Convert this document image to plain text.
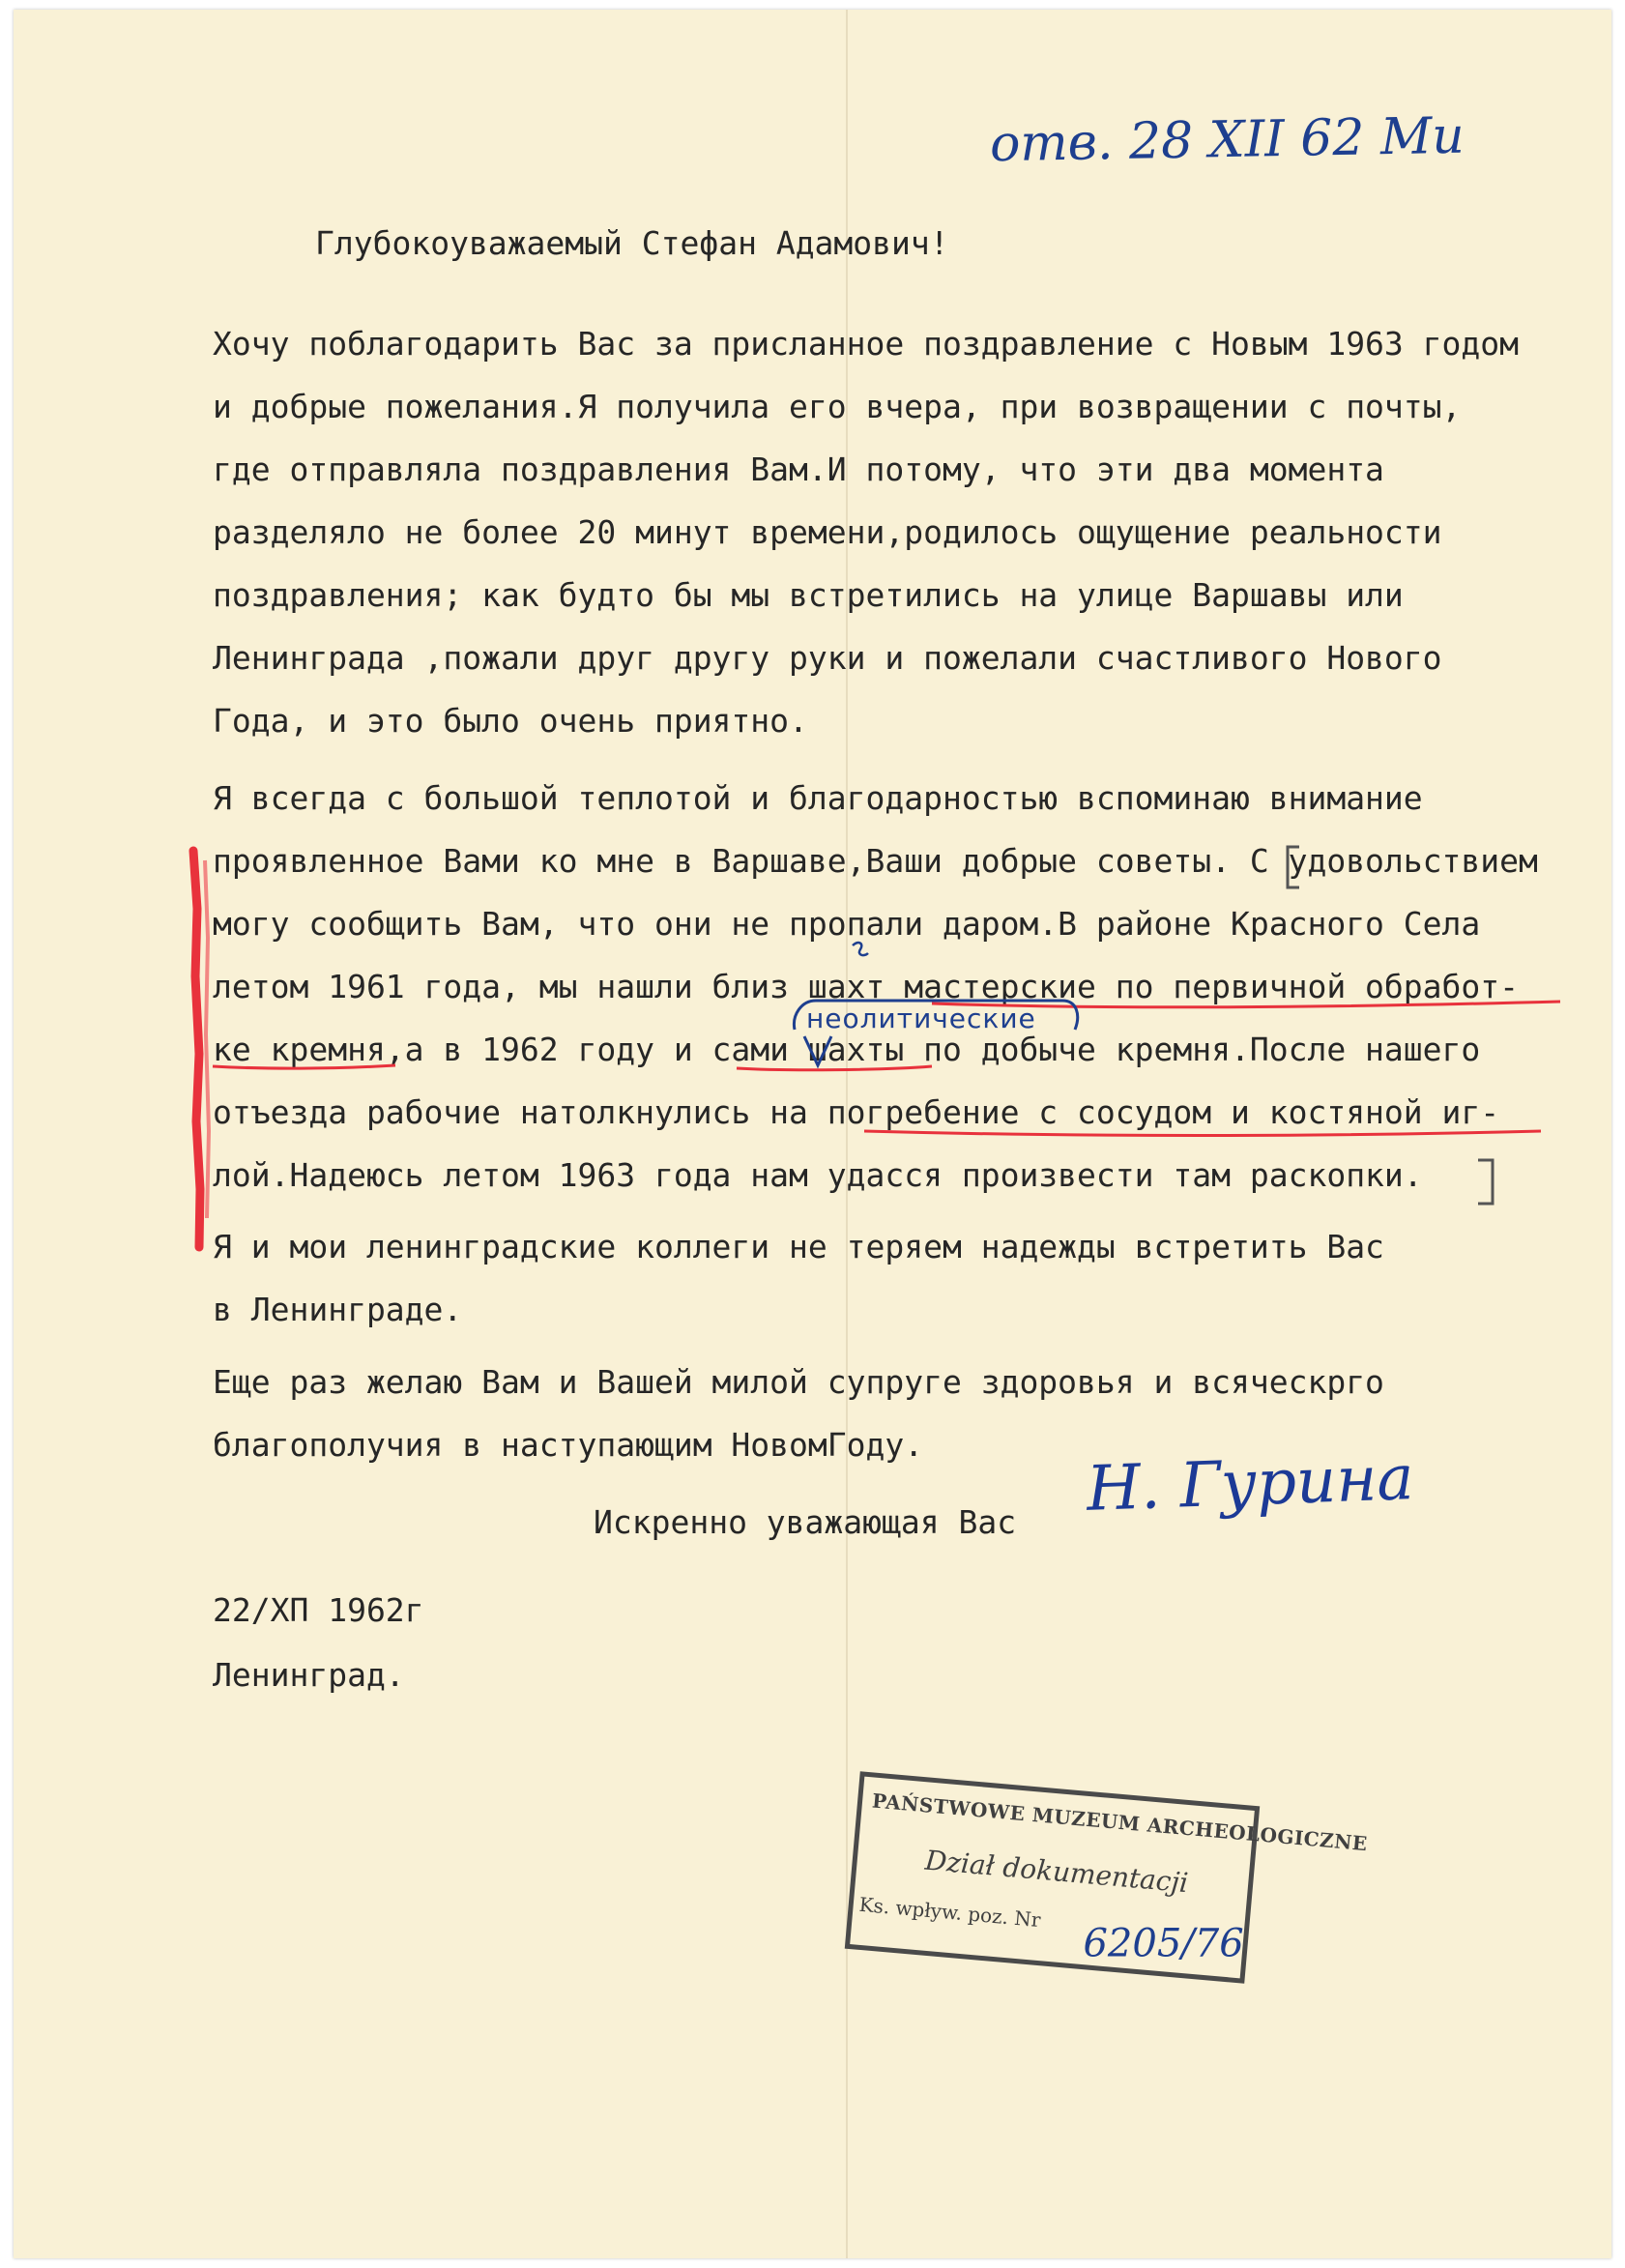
отв. 28 XII 62 Ми
Глубокоуважаемый Стефан Адамович!
Хочу поблагодарить Вас за присланное поздравление с Новым 1963 годом
и добрые пожелания.Я получила его вчера, при возвращении с почты,
где отправляла поздравления Вам.И потому, что эти два момента
разделяло не более 20 минут времени,родилось ощущение реальности
поздравления; как будто бы мы встретились на улице Варшавы или
Ленинграда ,пожали друг другу руки и пожелали счастливого Нового
Года, и это было очень приятно.
Я всегда с большой теплотой и благодарностью вспоминаю внимание
проявленное Вами ко мне в Варшаве,Ваши добрые советы. С удовольствием
могу сообщить Вам, что они не пропали даром.В районе Красного Села
летом 1961 года, мы нашли близ шахт мастерские по первичной обработ-
ке кремня,а в 1962 году и сами шахты по добыче кремня.После нашего
отъезда рабочие натолкнулись на погребение с сосудом и костяной иг-
лой.Надеюсь летом 1963 года нам удасся произвести там раскопки.
неолитические
Я и мои ленинградские коллеги не теряем надежды встретить Вас
в Ленинграде.
Еще раз желаю Вам и Вашей милой супруге здоровья и всяческрго
благополучия в наступающим НовомГоду.
Искренно уважающая Вас Н. Гурина
22/XП 1962г
Ленинград.
PAŃSTWOWE MUZEUM ARCHEOLOGICZNE
Dział dokumentacji
Ks. wpływ. poz. Nr
6205/76
